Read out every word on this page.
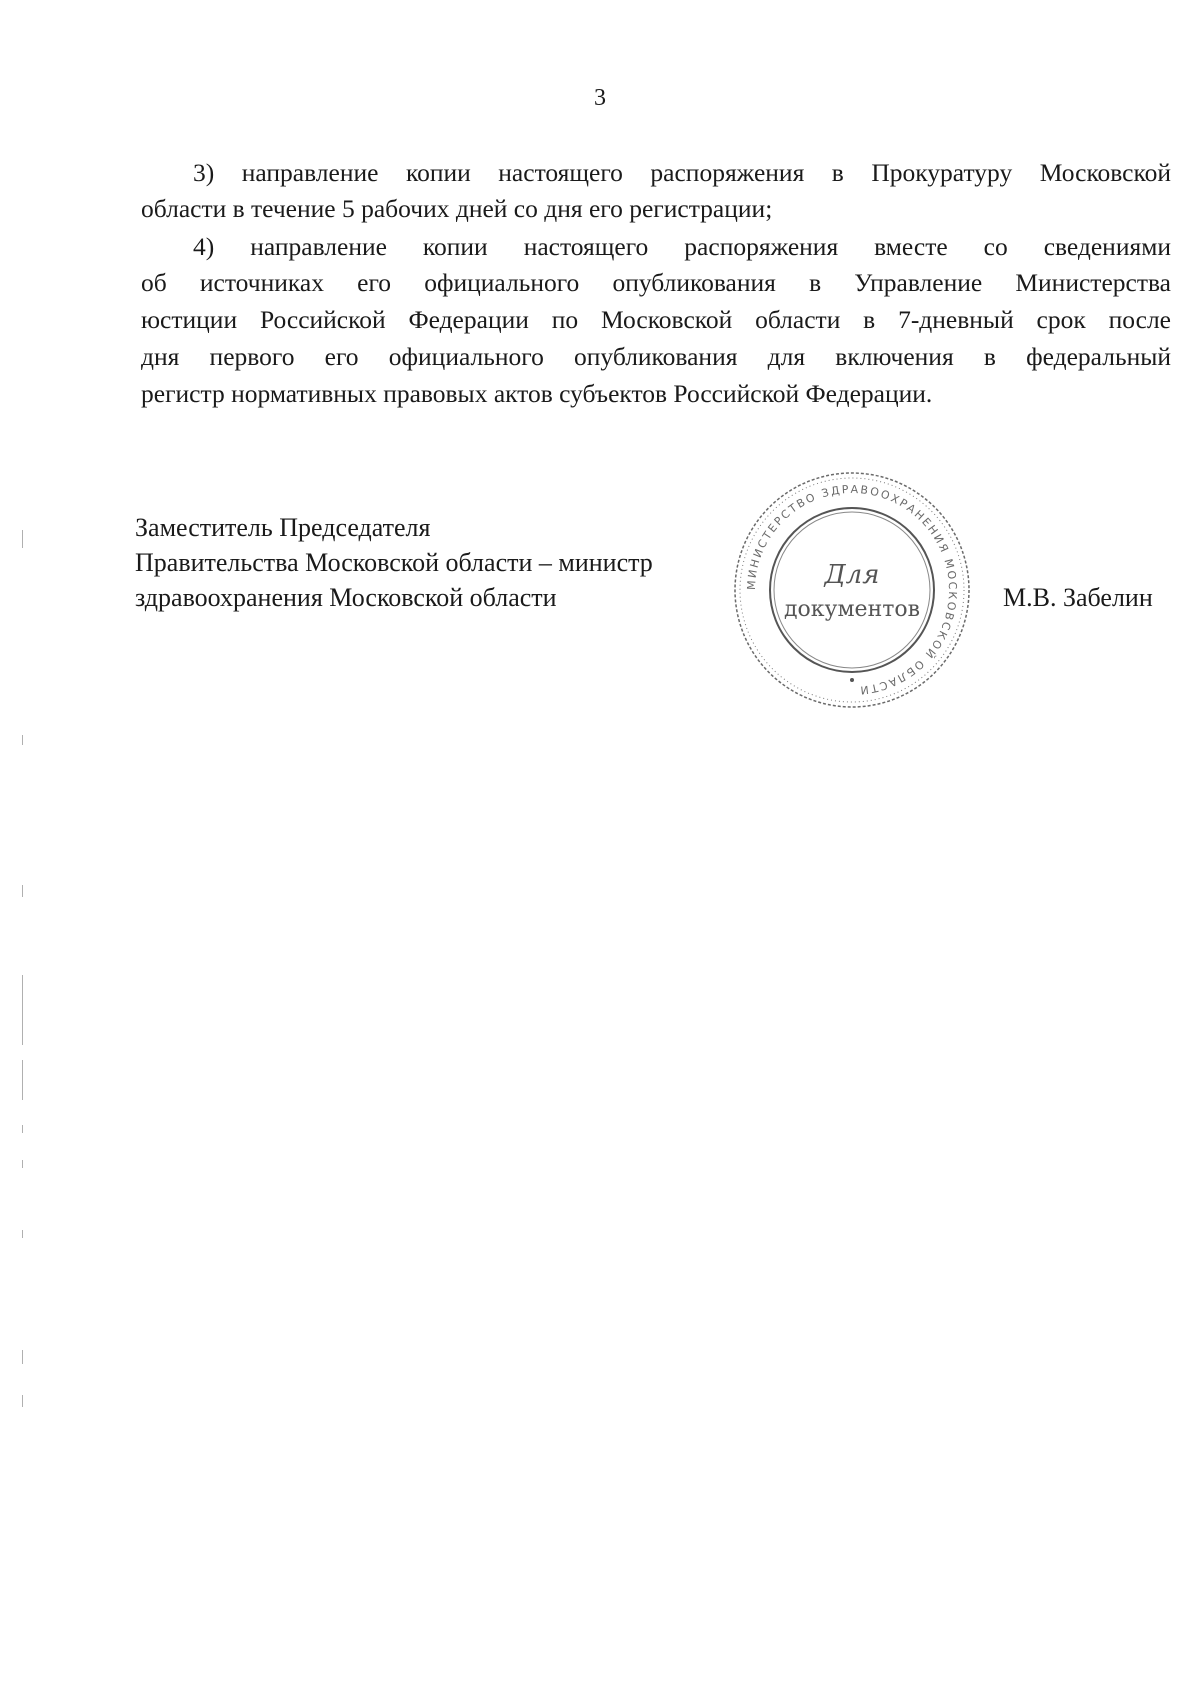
3
3) направление копии настоящего распоряжения в Прокуратуру Московской
области в течение 5 рабочих дней со дня его регистрации;
4) направление копии настоящего распоряжения вместе со сведениями
об источниках его официального опубликования в Управление Министерства
юстиции Российской Федерации по Московской области в 7-дневный срок после
дня первого его официального опубликования для включения в федеральный
регистр нормативных правовых актов субъектов Российской Федерации.
Заместитель Председателя
Правительства Московской области – министр
здравоохранения Московской области	М.В. Забелин
МИНИСТЕРСТВО ЗДРАВООХРАНЕНИЯ МОСКОВСКОЙ ОБЛАСТИ
Для
документов
